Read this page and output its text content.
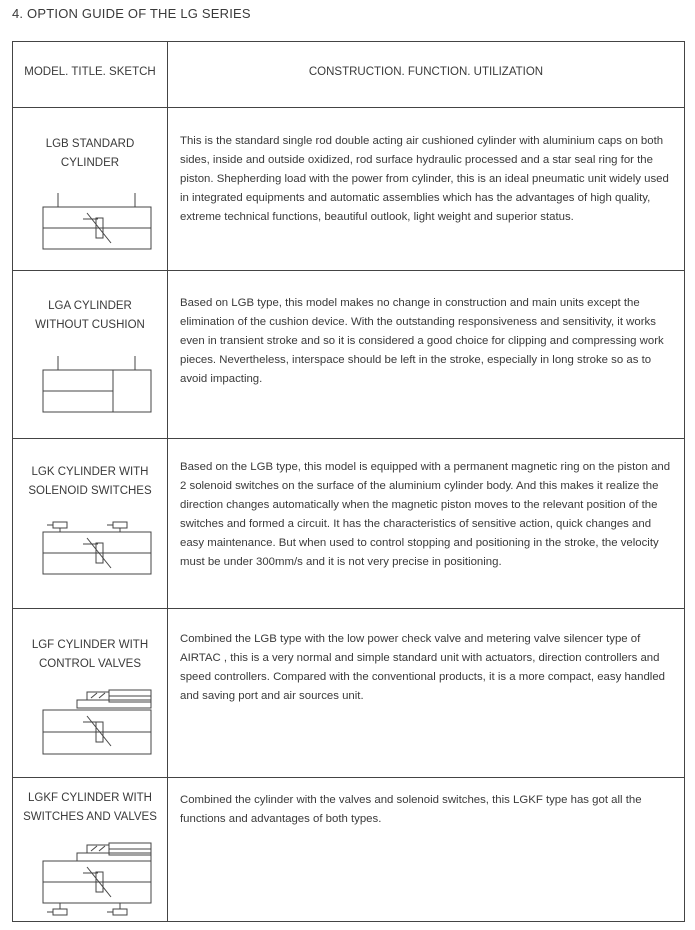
4. OPTION GUIDE OF THE LG SERIES
MODEL. TITLE. SKETCH	CONSTRUCTION. FUNCTION. UTILIZATION
LGB STANDARD
CYLINDER
This is the standard single rod double acting air cushioned cylinder with aluminium caps on both sides, inside and outside oxidized, rod surface hydraulic processed and a star seal ring for the piston. Shepherding load with the power from cylinder, this is an ideal pneumatic unit widely used in integrated equipments and automatic assemblies which has the advantages of high quality, extreme technical functions, beautiful outlook, light weight and superior status.
LGA CYLINDER
WITHOUT CUSHION
Based on LGB type, this model makes no change in construction and main units except the elimination of the cushion device. With the outstanding responsiveness and sensitivity, it works even in transient stroke and so it is considered a good choice for clipping and compressing work pieces. Nevertheless, interspace should be left in the stroke, especially in long stroke so as to avoid impacting.
LGK CYLINDER WITH
SOLENOID SWITCHES
Based on the LGB type, this model is equipped with a permanent magnetic ring on the piston and 2 solenoid switches on the surface of the aluminium cylinder body. And this makes it realize the direction changes automatically when the magnetic piston moves to the relevant position of the switches and formed a circuit. It has the characteristics of sensitive action, quick changes and easy maintenance. But when used to control stopping and positioning in the stroke, the velocity must be under 300mm/s and it is not very precise in positioning.
LGF CYLINDER WITH
CONTROL VALVES
Combined the LGB type with the low power check valve and metering valve silencer type of AIRTAC , this is a very normal and simple standard unit with actuators, direction controllers and speed controllers. Compared with the conventional products, it is a more compact, easy handled and saving port and air sources unit.
LGKF CYLINDER WITH
SWITCHES AND VALVES
Combined the cylinder with the valves and solenoid switches, this LGKF type has got all the functions and advantages of both types.
